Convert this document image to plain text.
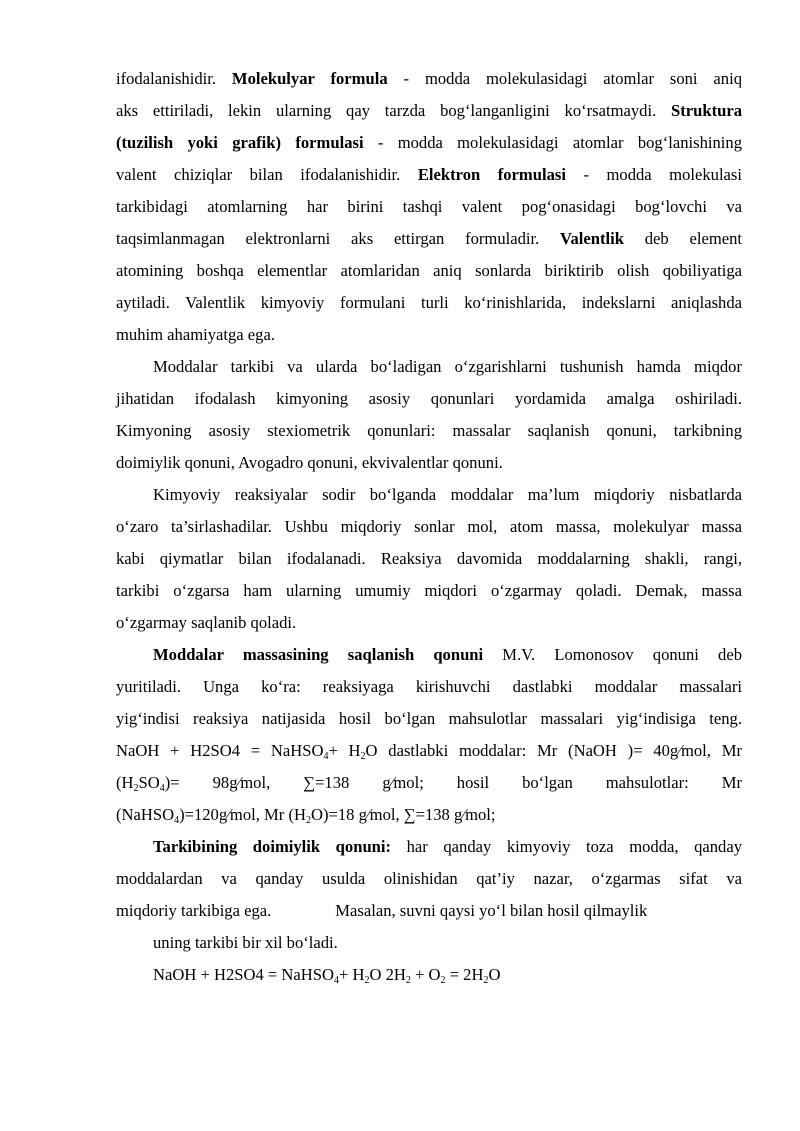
ifodalanishidir. Molekulyar formula - modda molekulasidagi atomlar soni aniq
aks ettiriladi, lekin ularning qay tarzda bog‘langanligini ko‘rsatmaydi. Struktura
(tuzilish yoki grafik) formulasi - modda molekulasidagi atomlar bog‘lanishining
valent chiziqlar bilan ifodalanishidir. Elektron formulasi - modda molekulasi
tarkibidagi atomlarning har birini tashqi valent pog‘onasidagi bog‘lovchi va
taqsimlanmagan elektronlarni aks ettirgan formuladir. Valentlik deb element
atomining boshqa elementlar atomlaridan aniq sonlarda biriktirib olish qobiliyatiga
aytiladi. Valentlik kimyoviy formulani turli ko‘rinishlarida, indekslarni aniqlashda
muhim ahamiyatga ega.
Moddalar tarkibi va ularda bo‘ladigan o‘zgarishlarni tushunish hamda miqdor
jihatidan ifodalash kimyoning asosiy qonunlari yordamida amalga oshiriladi.
Kimyoning asosiy stexiometrik qonunlari: massalar saqlanish qonuni, tarkibning
doimiylik qonuni, Avogadro qonuni, ekvivalentlar qonuni.
Kimyoviy reaksiyalar sodir bo‘lganda moddalar ma’lum miqdoriy nisbatlarda
o‘zaro ta’sirlashadilar. Ushbu miqdoriy sonlar mol, atom massa, molekulyar massa
kabi qiymatlar bilan ifodalanadi. Reaksiya davomida moddalarning shakli, rangi,
tarkibi o‘zgarsa ham ularning umumiy miqdori o‘zgarmay qoladi. Demak, massa
o‘zgarmay saqlanib qoladi.
Moddalar massasining saqlanish qonuni M.V. Lomonosov qonuni deb
yuritiladi. Unga ko‘ra: reaksiyaga kirishuvchi dastlabki moddalar massalari
yig‘indisi reaksiya natijasida hosil bo‘lgan mahsulotlar massalari yig‘indisiga teng.
NaOH + H2SO4 = NaHSO$_4$+ $H_2O$ dastlabki moddalar: Mr (NaOH )= 40g⁄mol, Mr
$(H_2SO_4)=$    98g⁄mol,    ∑=138    g⁄mol;    hosil    bo‘lgan    mahsulotlar:    Mr
(NaHSO$_4$)=120g⁄mol, Mr $(H_2O)=18$ g⁄mol, ∑=138 g⁄mol;
Tarkibining doimiylik qonuni: har qanday kimyoviy toza modda, qanday
moddalardan va qanday usulda olinishidan qat’iy nazar, o‘zgarmas sifat va
miqdoriy tarkibiga ega.	Masalan, suvni qaysi yo‘l bilan hosil qilmaylik
uning tarkibi bir xil bo‘ladi.
NaOH + H2SO4 = NaHSO$_4$+ $H_2O$ $2H_2 + O_2 = 2H_2O$
